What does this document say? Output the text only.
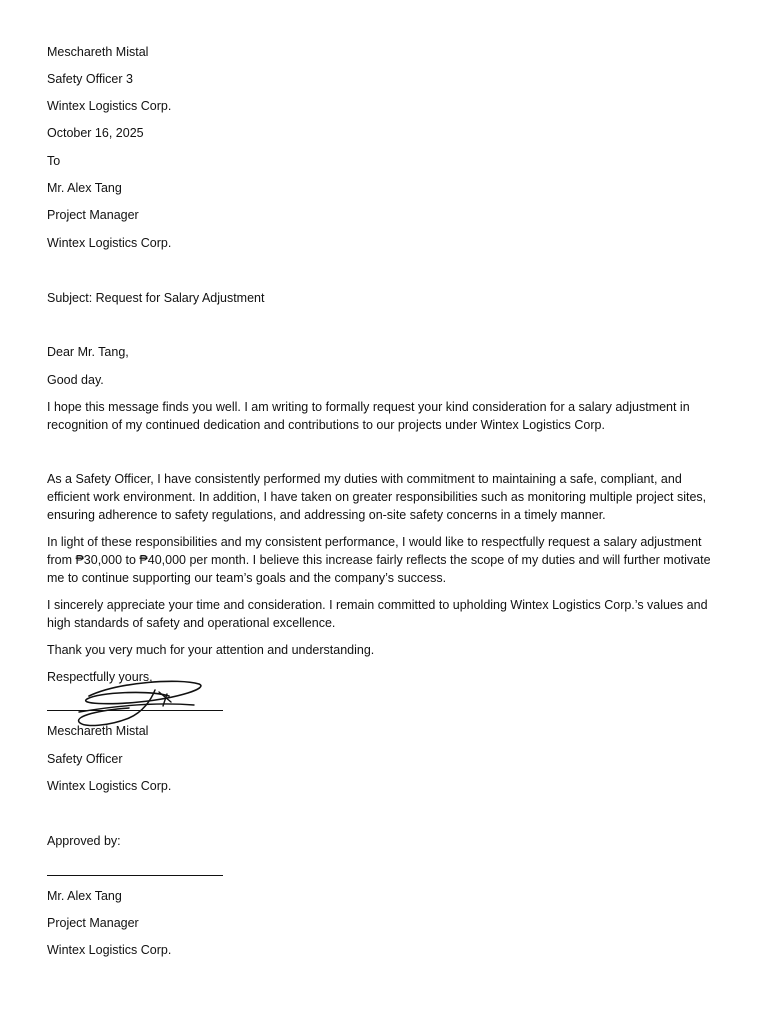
Meschareth Mistal
Safety Officer 3
Wintex Logistics Corp.
October 16, 2025
To
Mr. Alex Tang
Project Manager
Wintex Logistics Corp.
Subject: Request for Salary Adjustment
Dear Mr. Tang,
Good day.
I hope this message finds you well. I am writing to formally request your kind consideration for a salary adjustment in recognition of my continued dedication and contributions to our projects under Wintex Logistics Corp.
As a Safety Officer, I have consistently performed my duties with commitment to maintaining a safe, compliant, and efficient work environment. In addition, I have taken on greater responsibilities such as monitoring multiple project sites, ensuring adherence to safety regulations, and addressing on-site safety concerns in a timely manner.
In light of these responsibilities and my consistent performance, I would like to respectfully request a salary adjustment from ₱30,000 to ₱40,000 per month. I believe this increase fairly reflects the scope of my duties and will further motivate me to continue supporting our team’s goals and the company’s success.
I sincerely appreciate your time and consideration. I remain committed to upholding Wintex Logistics Corp.’s values and high standards of safety and operational excellence.
Thank you very much for your attention and understanding.
Respectfully yours,
Meschareth Mistal
Safety Officer
Wintex Logistics Corp.
Approved by:
Mr. Alex Tang
Project Manager
Wintex Logistics Corp.
